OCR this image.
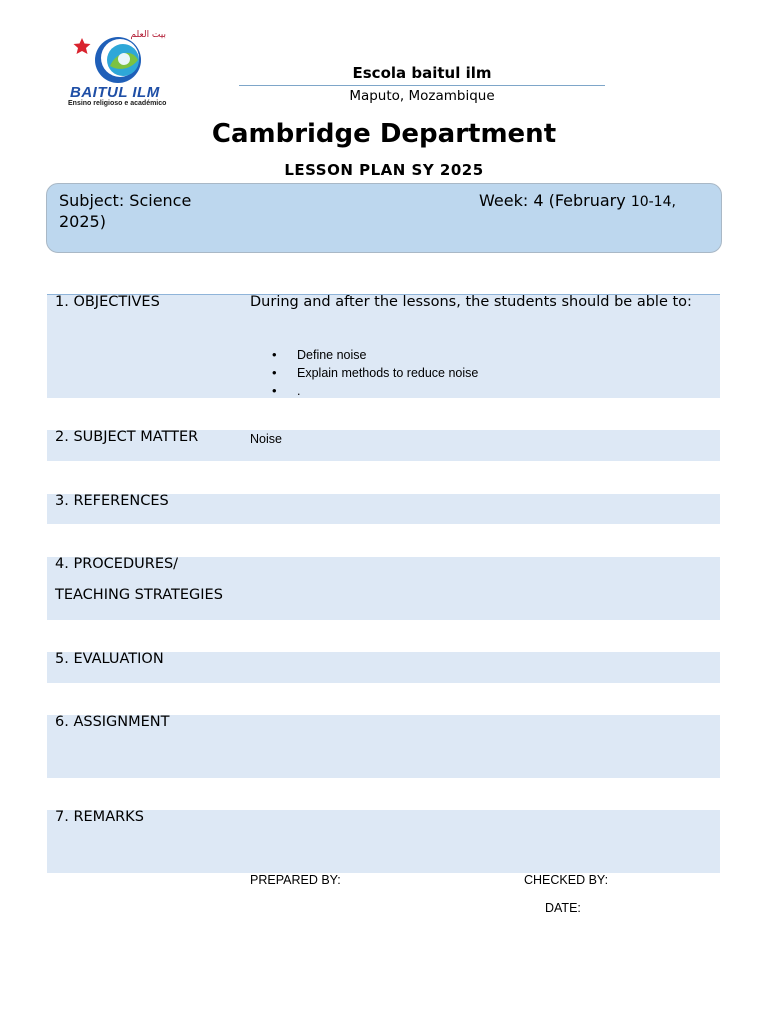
بيت العلم
BAITUL ILM
Ensino religioso e académico
Escola baitul ilm
Maputo, Mozambique
Cambridge Department
LESSON PLAN SY 2025
Subject: Science
2025)
Week: 4 (February 10-14,
1. OBJECTIVES	During and after the lessons, the students should be able to:
• Define noise
• Explain methods to reduce noise
• .
2. SUBJECT MATTER	Noise
3. REFERENCES
4. PROCEDURES/
TEACHING STRATEGIES
5. EVALUATION
6. ASSIGNMENT
7. REMARKS
PREPARED BY:	CHECKED BY:
DATE:
